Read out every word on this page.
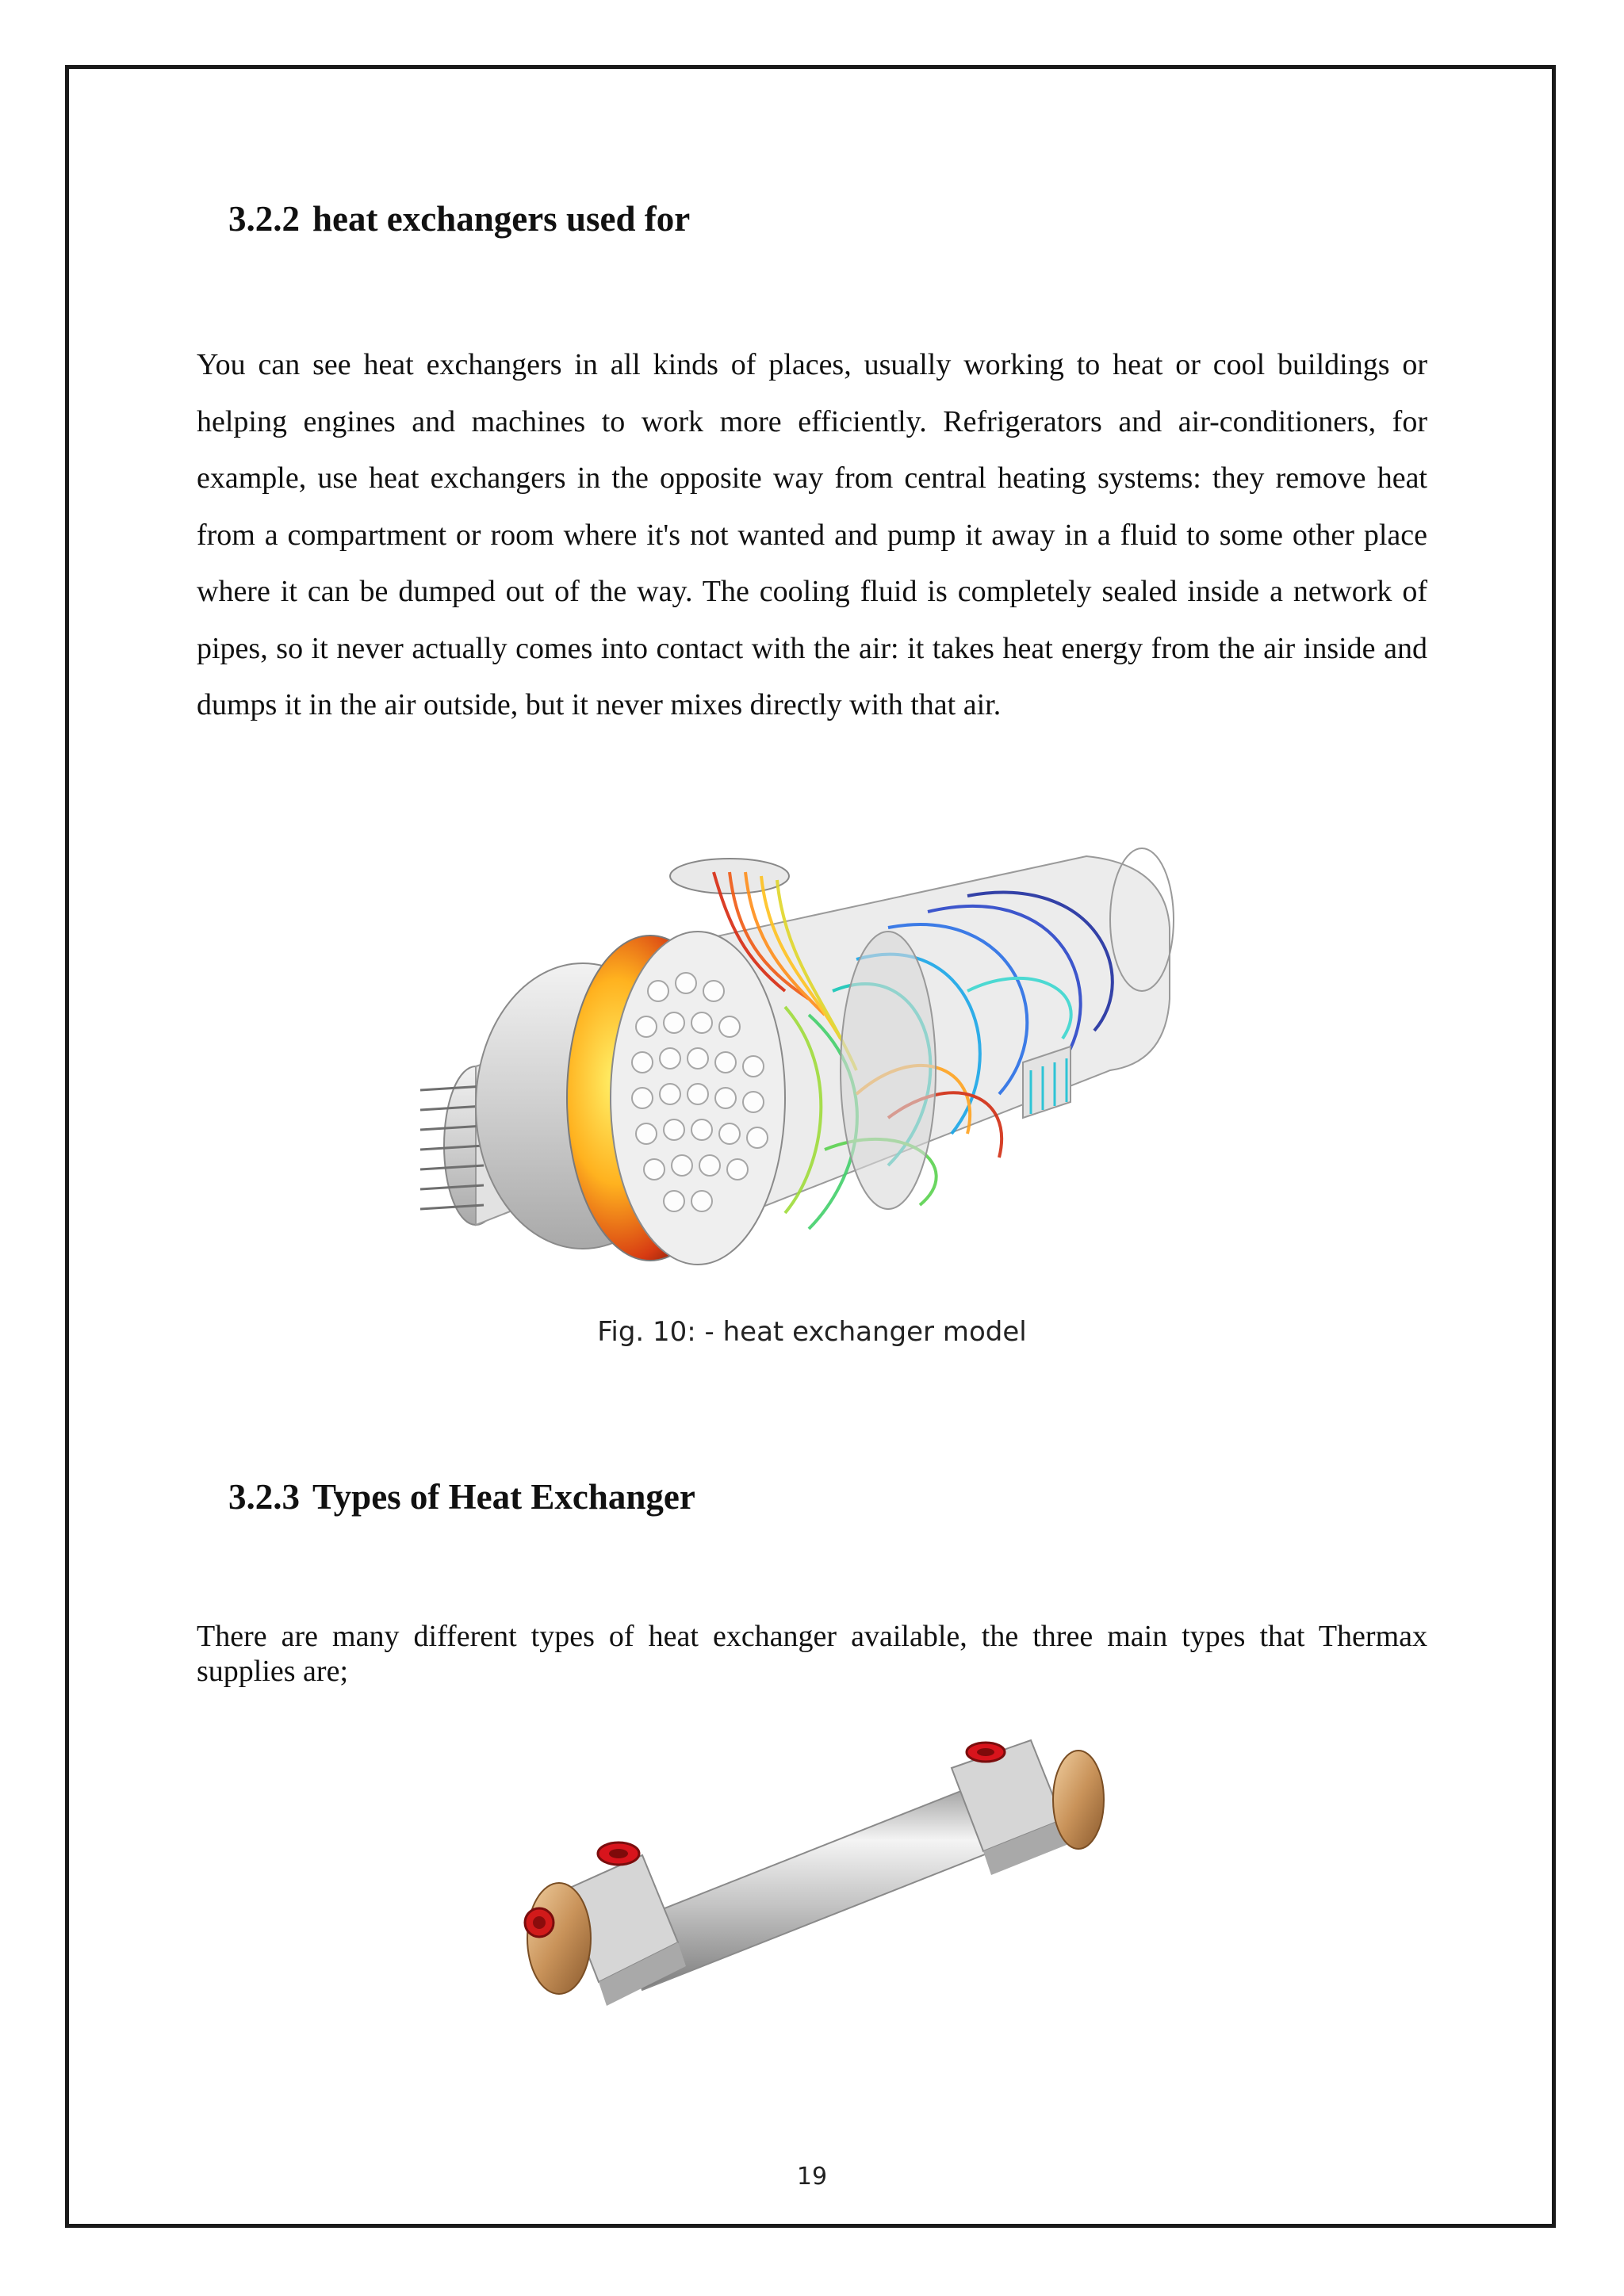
3.2.2 heat exchangers used for

You can see heat exchangers in all kinds of places, usually working to heat or cool buildings or helping engines and machines to work more efficiently. Refrigerators and air-conditioners, for example, use heat exchangers in the opposite way from central heating systems: they remove heat from a compartment or room where it's not wanted and pump it away in a fluid to some other place where it can be dumped out of the way. The cooling fluid is completely sealed inside a network of pipes, so it never actually comes into contact with the air: it takes heat energy from the air inside and dumps it in the air outside, but it never mixes directly with that air.

Fig. 10: - heat exchanger model
3.2.3 Types of Heat Exchanger

There are many different types of heat exchanger available, the three main types that Thermax supplies are;

19
